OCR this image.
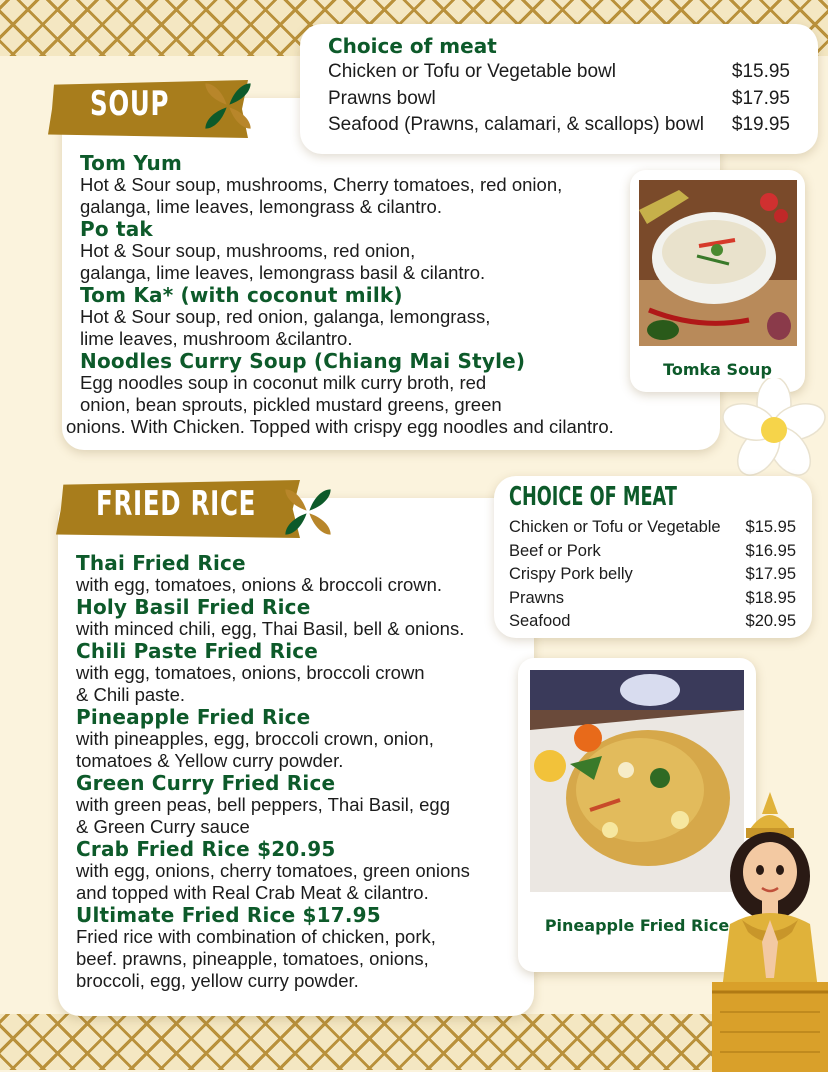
Choice of meat
Chicken or Tofu or Vegetable bowl	$15.95
Prawns bowl	$17.95
Seafood (Prawns, calamari, & scallops) bowl $19.95
SOUP
Tom Yum
Hot & Sour soup, mushrooms, Cherry tomatoes, red onion,
galanga, lime leaves, lemongrass & cilantro.
Po tak
Hot & Sour soup, mushrooms, red onion,
galanga, lime leaves, lemongrass basil & cilantro.
Tom Ka* (with coconut milk)
Hot & Sour soup, red onion, galanga, lemongrass,
lime leaves, mushroom &cilantro.
Noodles Curry Soup (Chiang Mai Style)
Egg noodles soup in coconut milk curry broth, red
onion, bean sprouts, pickled mustard greens, green
onions. With Chicken. Topped with crispy egg noodles and cilantro.
Tomka Soup
FRIED RICE
Thai Fried Rice
with egg, tomatoes, onions & broccoli crown.
Holy Basil Fried Rice
with minced chili, egg, Thai Basil, bell & onions.
Chili Paste Fried Rice
with egg, tomatoes, onions, broccoli crown
& Chili paste.
Pineapple Fried Rice
with pineapples, egg, broccoli crown, onion,
tomatoes & Yellow curry powder.
Green Curry Fried Rice
with green peas, bell peppers, Thai Basil, egg
& Green Curry sauce
Crab Fried Rice $20.95
with egg, onions, cherry tomatoes, green onions
and topped with Real Crab Meat & cilantro.
Ultimate Fried Rice $17.95
Fried rice with combination of chicken, pork,
beef. prawns, pineapple, tomatoes, onions,
broccoli, egg, yellow curry powder.
CHOICE OF MEAT
Chicken or Tofu or Vegetable $15.95
Beef or Pork	$16.95
Crispy Pork belly	$17.95
Prawns	$18.95
Seafood	$20.95
Pineapple Fried Rice
